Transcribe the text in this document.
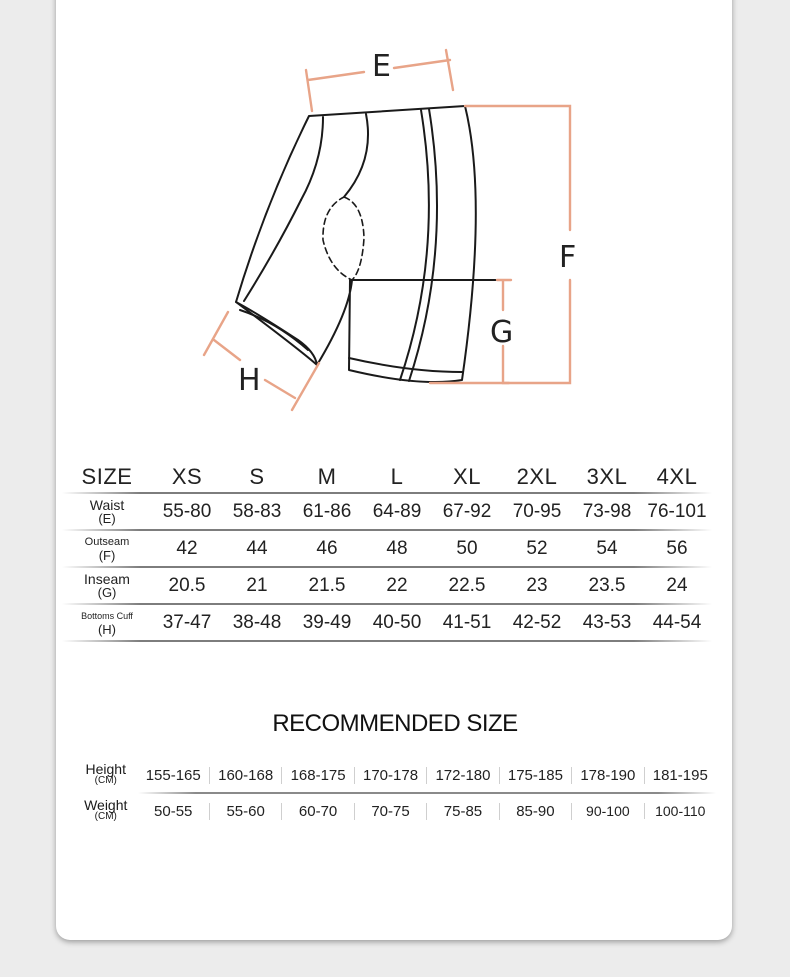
E
F
G
H
SIZE	XS	S	M	L	XL	2XL	3XL	4XL
Waist
(E)	55-80	58-83	61-86	64-89	67-92	70-95	73-98 76-101
Outseam
(F)	42	44	46	48	50	52	54	56
Inseam
(G)	20.5	21	21.5	22	22.5	23	23.5	24
Bottoms Cuff
(H)	37-47	38-48	39-49	40-50	41-51	42-52	43-53	44-54
RECOMMENDED SIZE
Height
(CM)	155-165	160-168	168-175	170-178	172-180	175-185	178-190	181-195
Weight
(CM)	50-55	55-60	60-70	70-75	75-85	85-90	90-100	100-110
